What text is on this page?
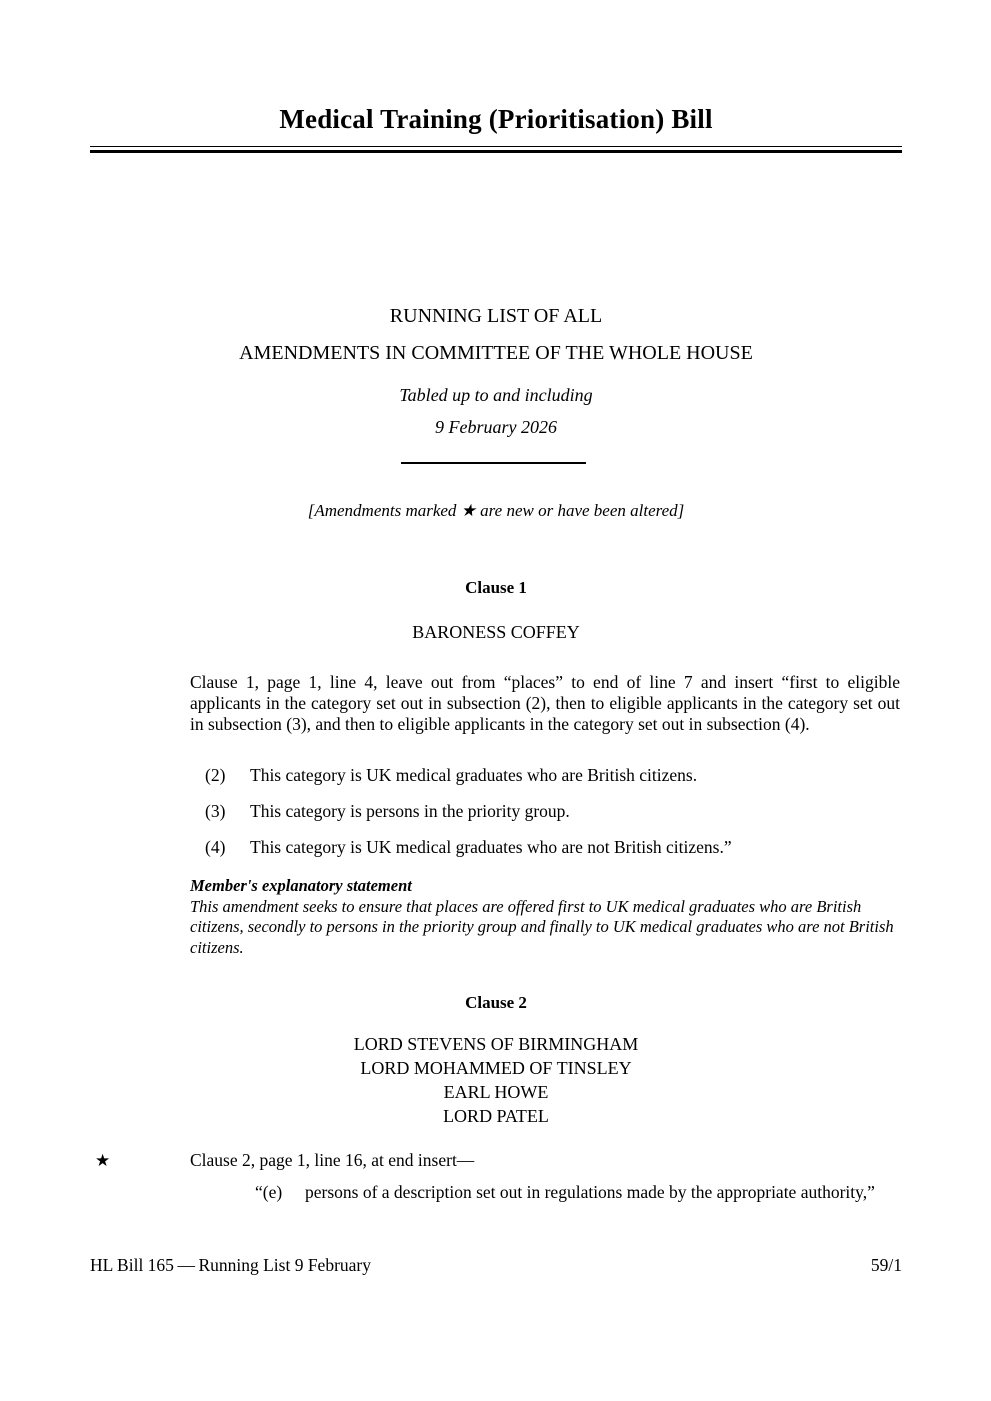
Medical Training (Prioritisation) Bill
RUNNING LIST OF ALL
AMENDMENTS IN COMMITTEE OF THE WHOLE HOUSE
Tabled up to and including
9 February 2026
[Amendments marked ★ are new or have been altered]
Clause 1
BARONESS COFFEY
Clause 1, page 1, line 4, leave out from “places” to end of line 7 and insert “first to eligible applicants in the category set out in subsection (2), then to eligible applicants in the category set out in subsection (3), and then to eligible applicants in the category set out in subsection (4).
(2) This category is UK medical graduates who are British citizens.
(3) This category is persons in the priority group.
(4) This category is UK medical graduates who are not British citizens.”
Member's explanatory statement
This amendment seeks to ensure that places are offered first to UK medical graduates who are British citizens, secondly to persons in the priority group and finally to UK medical graduates who are not British citizens.
Clause 2
LORD STEVENS OF BIRMINGHAM
LORD MOHAMMED OF TINSLEY
EARL HOWE
LORD PATEL
★	Clause 2, page 1, line 16, at end insert—
“(e) persons of a description set out in regulations made by the appropriate authority,”
HL Bill 165 — Running List 9 February	59/1
